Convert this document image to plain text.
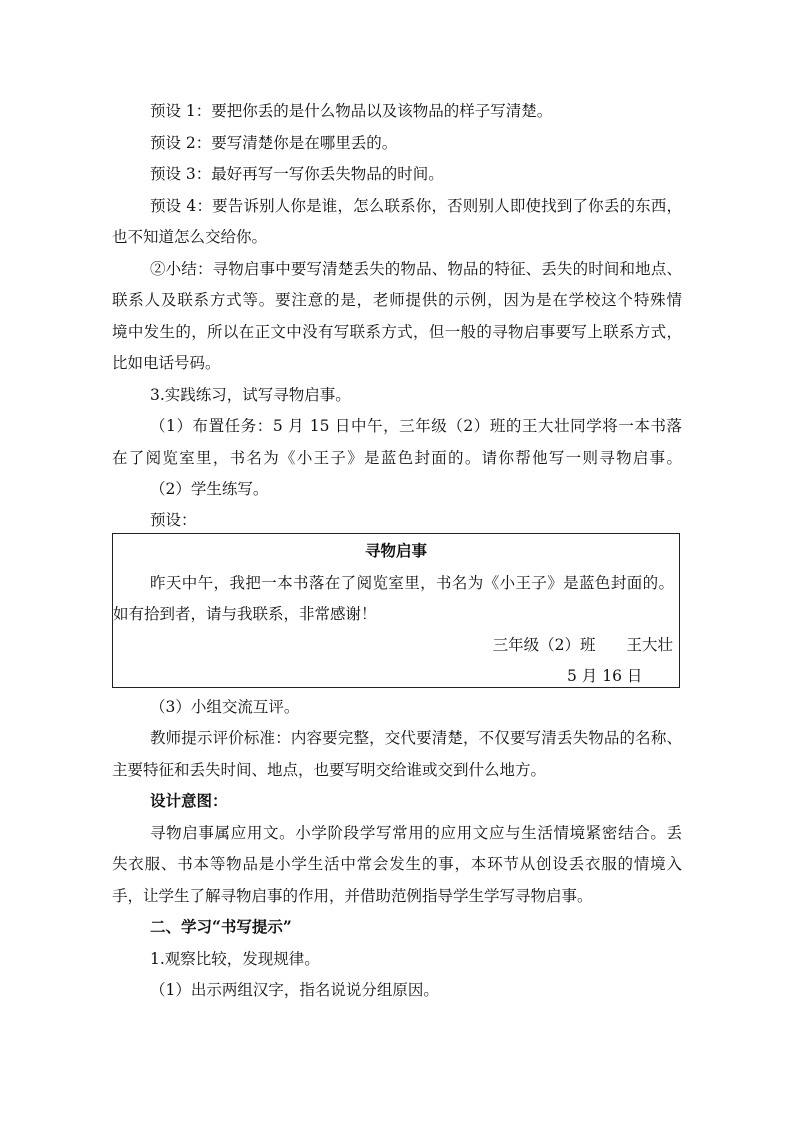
预设 1：要把你丢的是什么物品以及该物品的样子写清楚。
预设 2：要写清楚你是在哪里丢的。
预设 3：最好再写一写你丢失物品的时间。
预设 4：要告诉别人你是谁，怎么联系你，否则别人即使找到了你丢的东西，
也不知道怎么交给你。
②小结：寻物启事中要写清楚丢失的物品、物品的特征、丢失的时间和地点、
联系人及联系方式等。要注意的是，老师提供的示例，因为是在学校这个特殊情
境中发生的，所以在正文中没有写联系方式，但一般的寻物启事要写上联系方式，
比如电话号码。
3.实践练习，试写寻物启事。
（1）布置任务：5 月 15 日中午，三年级（2）班的王大壮同学将一本书落
在了阅览室里，书名为《小王子》是蓝色封面的。请你帮他写一则寻物启事。
（2）学生练写。
预设：
寻物启事
昨天中午，我把一本书落在了阅览室里，书名为《小王子》是蓝色封面的。
如有拾到者，请与我联系，非常感谢！
三年级（2）班　　王大壮
5 月 16 日
（3）小组交流互评。
教师提示评价标准：内容要完整，交代要清楚，不仅要写清丢失物品的名称、
主要特征和丢失时间、地点，也要写明交给谁或交到什么地方。
设计意图：
寻物启事属应用文。小学阶段学写常用的应用文应与生活情境紧密结合。丢
失衣服、书本等物品是小学生活中常会发生的事，本环节从创设丢衣服的情境入
手，让学生了解寻物启事的作用，并借助范例指导学生学写寻物启事。
二、学习“书写提示”
1.观察比较，发现规律。
（1）出示两组汉字，指名说说分组原因。
